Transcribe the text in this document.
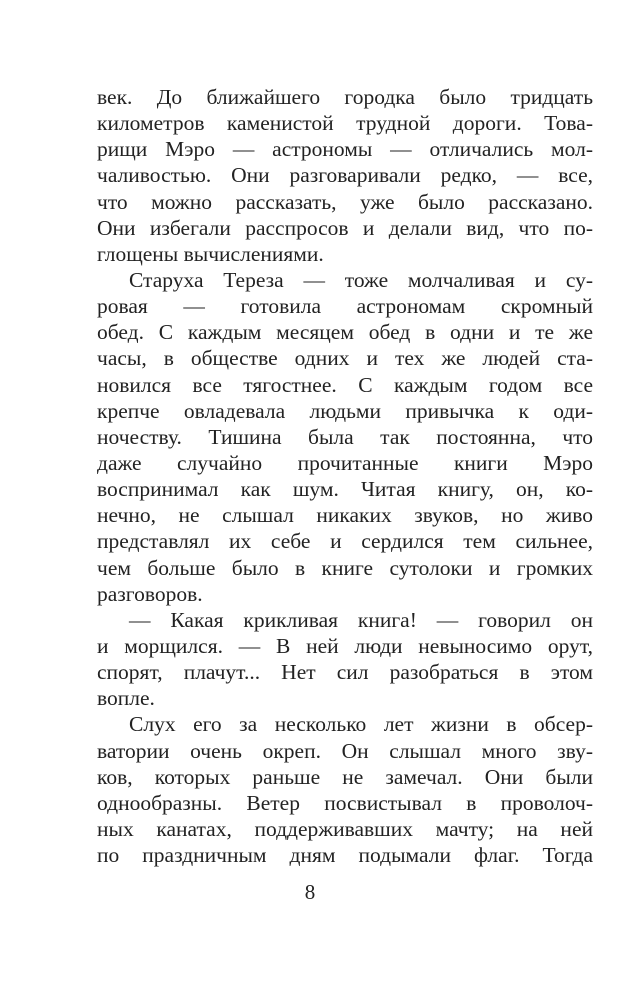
век. До ближайшего городка было тридцать
километров каменистой трудной дороги. Това-
рищи Мэро — астрономы — отличались мол-
чаливостью. Они разговаривали редко, — все,
что можно рассказать, уже было рассказано.
Они избегали расспросов и делали вид, что по-
глощены вычислениями.
Старуха Тереза — тоже молчаливая и су-
ровая — готовила астрономам скромный
обед. С каждым месяцем обед в одни и те же
часы, в обществе одних и тех же людей ста-
новился все тягостнее. С каждым годом все
крепче овладевала людьми привычка к оди-
ночеству. Тишина была так постоянна, что
даже случайно прочитанные книги Мэро
воспринимал как шум. Читая книгу, он, ко-
нечно, не слышал никаких звуков, но живо
представлял их себе и сердился тем сильнее,
чем больше было в книге сутолоки и громких
разговоров.
— Какая крикливая книга! — говорил он
и морщился. — В ней люди невыносимо орут,
спорят, плачут... Нет сил разобраться в этом
вопле.
Слух его за несколько лет жизни в обсер-
ватории очень окреп. Он слышал много зву-
ков, которых раньше не замечал. Они были
однообразны. Ветер посвистывал в проволоч-
ных канатах, поддерживавших мачту; на ней
по праздничным дням подымали флаг. Тогда
8
